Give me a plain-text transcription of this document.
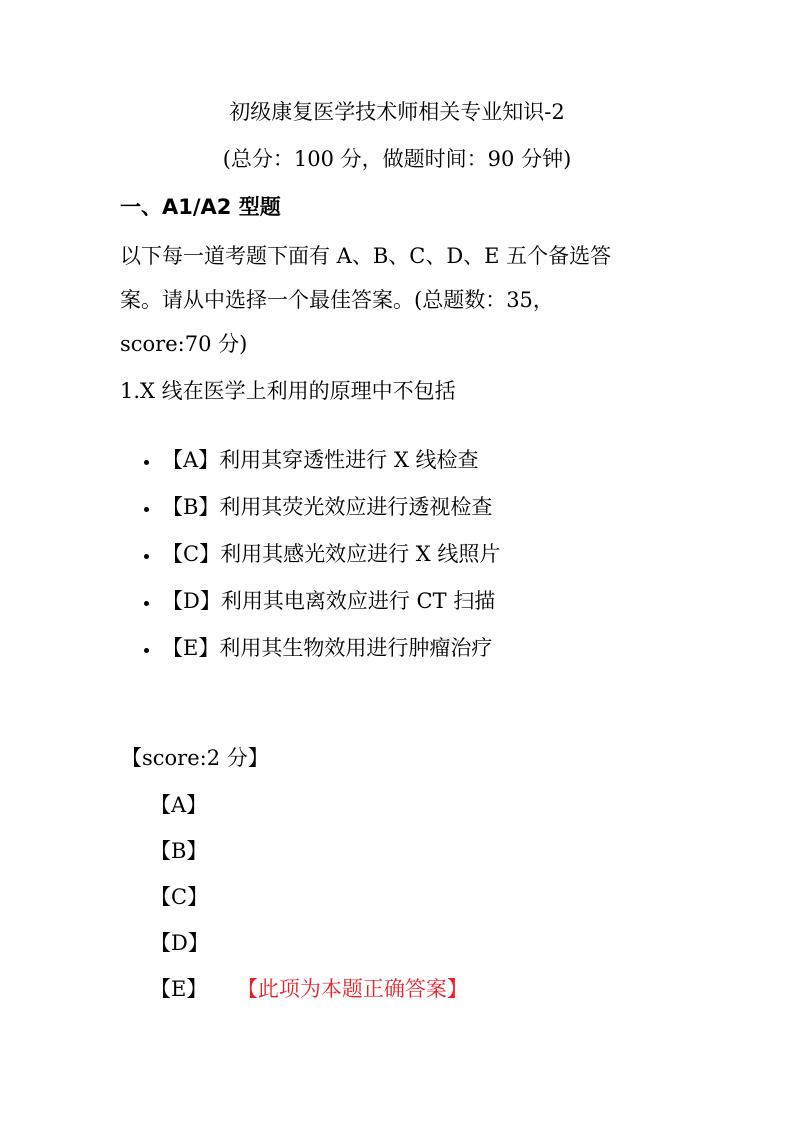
初级康复医学技术师相关专业知识-2
(总分：100 分，做题时间：90 分钟)
一、A1/A2 型题
以下每一道考题下面有 A、B、C、D、E 五个备选答
案。请从中选择一个最佳答案。(总题数：35，
score:70 分)
1.X 线在医学上利用的原理中不包括
【A】利用其穿透性进行 X 线检查
【B】利用其荧光效应进行透视检查
【C】利用其感光效应进行 X 线照片
【D】利用其电离效应进行 CT 扫描
【E】利用其生物效用进行肿瘤治疗
【score:2 分】
【A】
【B】
【C】
【D】
【E】 【此项为本题正确答案】
